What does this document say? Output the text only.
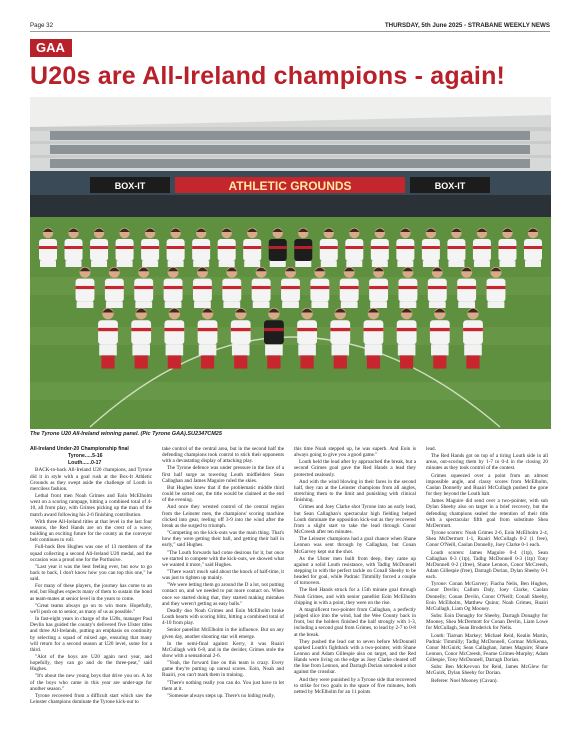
Page 32	THURSDAY, 5th June 2025 - STRABANE WEEKLY NEWS
GAA
U20s are All-Ireland champions - again!
BOX-IT	ATHLETIC GROUNDS	BOX-IT
The Tyrone U20 All-Ireland winning panel. (Pic Tyrone GAA).SU2347CM25

All-Ireland Under-20 Championship final

Tyrone.....5-16

Louth......0-17

BACK-to-back All-Ireland U20 champions, and Tyrone did it in style with a goal rush at the Box-It Athletic Grounds as they swept aside the challenge of Louth in merciless fashion.

Lethal front men Noah Grimes and Eoin McElholm went on a scoring rampage, hitting a combined total of 4-10, all from play, with Grimes picking up the man of the match award following his 2-6 finishing contribution.

With three All-Ireland titles at that level in the last four seasons, the Red Hands are on the crest of a wave, building an exciting future for the county as the conveyor belt continues to roll.

Full-back Ben Hughes was one of 13 members of the squad collecting a second All-Ireland U20 medal, and the occasion was a proud one for the Portlusive.

"Last year it was the best feeling ever, but now to go back to back, I don't know how you can top this one," he said.

For many of these players, the journey has come to an end, but Hughes expects many of them to sustain the bond as team-mates at senior level in the years to come.

"Great teams always go on to win more. Hopefully, we'll push on to senior, as many of us as possible."

In fast-eight years in charge of the U20s, manager Paul Devlin has guided the county's delivered five Ulster titles and three All-Irelands, putting an emphasis on continuity by selecting a squad of mixed age, ensuring that many will return for a second season at U20 level, some for a third.

"Alot of the boys are U20 again next year, and hopefully, they can go and do the three-peat," said Hughes.

"It's about the new young boys that drive you on. A lot of the boys who came in this year are under-age for another season."

Tyrone recovered from a difficult start which saw the Leinster champions dominate the Tyrone kick-out to

take control of the central area, but in the second half the defending champions took control to stick their opponents with a devastating display of attacking play.

The Tyrone defence was under pressure in the face of a first half surge as towering Louth midfielders Sean Callaghan and James Maguire ruled the skies.

But Hughes knew that if the problematic middle third could be sorted out, the title would be claimed at the end of the evening.

And once they wrested control of the central region from the Leinster men, the champions' scoring machine clicked into gear, reeling off 3-9 into the wind after the break as the surged to triumph.

"Competing on the kick-outs was the main thing. That's how they were getting their ball, and getting their ball in early," said Hughes.

"The Louth forwards had come desirous for it, but once we started to compete with the kick-outs, we showed what we wanted it more," said Hughes.

"There wasn't much said about the knock of half-time, it was just to tighten up mainly.

"We were letting them go around the D a lot, not putting contact on, and we needed to put more contact on. When once we started doing that, they started making mistakes and they weren't getting as easy balls."

Deadly duo Noah Grimes and Eoin McElholm broke Louth hearts with scoring blitz, hitting a combined total of 4-10 from play.

Senior panellist McElholm in the influence. But on any given day, another shooting star will emerge.

In the semi-final against Kerry, it was Ruairi McCullagh with 6-8, and in the decider, Grimes stole the show with a sensational 2-6.

"Yeah, the forward line on this team is crazy. Every game they're putting up unreal scores. Eoin, Noah and Ruairi, you can't mark them in training.

"There's nothing really you can do. You just have to let them at it.

"Someone always steps up. There's no hiding really,

this time Noah stepped up, he was superb. And Eoin is always going to give you a good game."

Louth held the lead after by approached the break, but a second Grimes goal gave the Red Hands a lead they protected zealously.

And with the wind blowing in their faces in the second half, they ran at the Leinster champions from all angles, stretching them to the limit and punishing with clinical finishing.

Grimes and Joey Clarke shot Tyrone into an early lead, but Sean Callaghan's spectacular high fielding helped Louth dominate the opposition kick-out as they recovered from a slight start to take the lead through Conor McCreesh after ten minutes.

The Leinster champions had a goal chance when Shane Lennon was sent through by Callaghan, but Conan McGarvey kept out the shot.

As the Ulster men built from deep, they came up against a solid Louth resistance, with Tadhg McDonnell stepping in with the perfect tackle on Conall Sheehy to be headed for goal, while Padraic Timmilly forced a couple of turnovers.

The Red Hands struck for a 15th minute goal through Noah Grimes, and with senior panellist Eoin McElholm chipping in with a point, they were on the rise.

A magnificent two-pointer from Callaghan, a perfectly judged slice into the wind, had the Wee County back in front, but the holders finished the half strongly with 1-3, including a second goal from Grimes, to lead by 2-7 to 0-8 at the break.

They pushed the lead out to seven before McDonnell sparked Louth's fightback with a two-pointer, with Shane Lennon and Adam Gillespie also on target, and the Red Hands were living on the edge as Joey Clarke cleared off the line from Lennon, and Darragh Dorian somoked a shot against the crossbar.

And they were punished by a Tyrone side that recovered to strike for two goals in the space of five minutes, both netted by McElholm for an 11 points

lead.

The Red Hands got on top of a tiring Louth side in all areas, out-scoring them by 1-7 to 0-4 in the closing 20 minutes as they took control of the contest.

Grimes squeezed over a point from an almost impossible angle, and classy scores from McElholm, Caolan Donnelly and Ruairi McCullagh pushed the gone for they beyond the Louth halt.

James Maguire did send over a two-pointer, with sub Dylan Sheehy also on target in a brief recovery, but the defending champions sealed the retention of their title with a spectacular fifth goal from substitute Shea McDermott.

Tyrone scorers: Noah Grimes 2-6, Eoin McElholm 2-4, Shea McDermott 1-1, Ruairi McCullagh 0-2 (1 free), Conor O'Neill, Caolan Donnelly, Joey Clarke 0-1 each.

Louth scorers: James Maguire 0-4 (1tp), Sean Callaghan 0-3 (1tp), Tadhg McDonnell 0-3 (1tp) Tony McDonnell 0-2 (1free), Shane Lennon, Conor McCreesh, Adam Gillespie (free), Darragh Dorian, Dylan Sheehy 0-1 each.

Tyrone: Conan McGarvey; Fiacha Nelis, Ben Hughes, Conor Devlin; Callum Daly, Joey Clarke, Caolan Donnelly; Conan Devlin, Conor O'Neill; Conall Sheehy, Eoin McElholm, Matthew Quinn; Noah Grimes, Ruairi McCullagh, Liam Og Mooney.

Subs: Eoin Donaghy for Sheehy, Darragh Donaghy for Mooney, Shea McDermott for Conan Devlin, Liam Lowe for McCullagh, Sean Broderick for Nelis.

Louth: Tiarnan Markey; Michael Reid, Kealin Martin, Padraic Timmilly; Tadhg McDonnell, Cormac McKenna, Conor McGuirk; Sean Callaghan, James Maguire; Shane Lennon, Conor McCreesh, Fearne Grimes-Murphy; Adam Gillespie, Tony McDonnell, Darragh Dorian.

Subs: Ben McKevvon for Reid, James McGlew for McGuirk, Dylan Sheehy for Dorian.

Referee: Noel Mooney (Cavan).
